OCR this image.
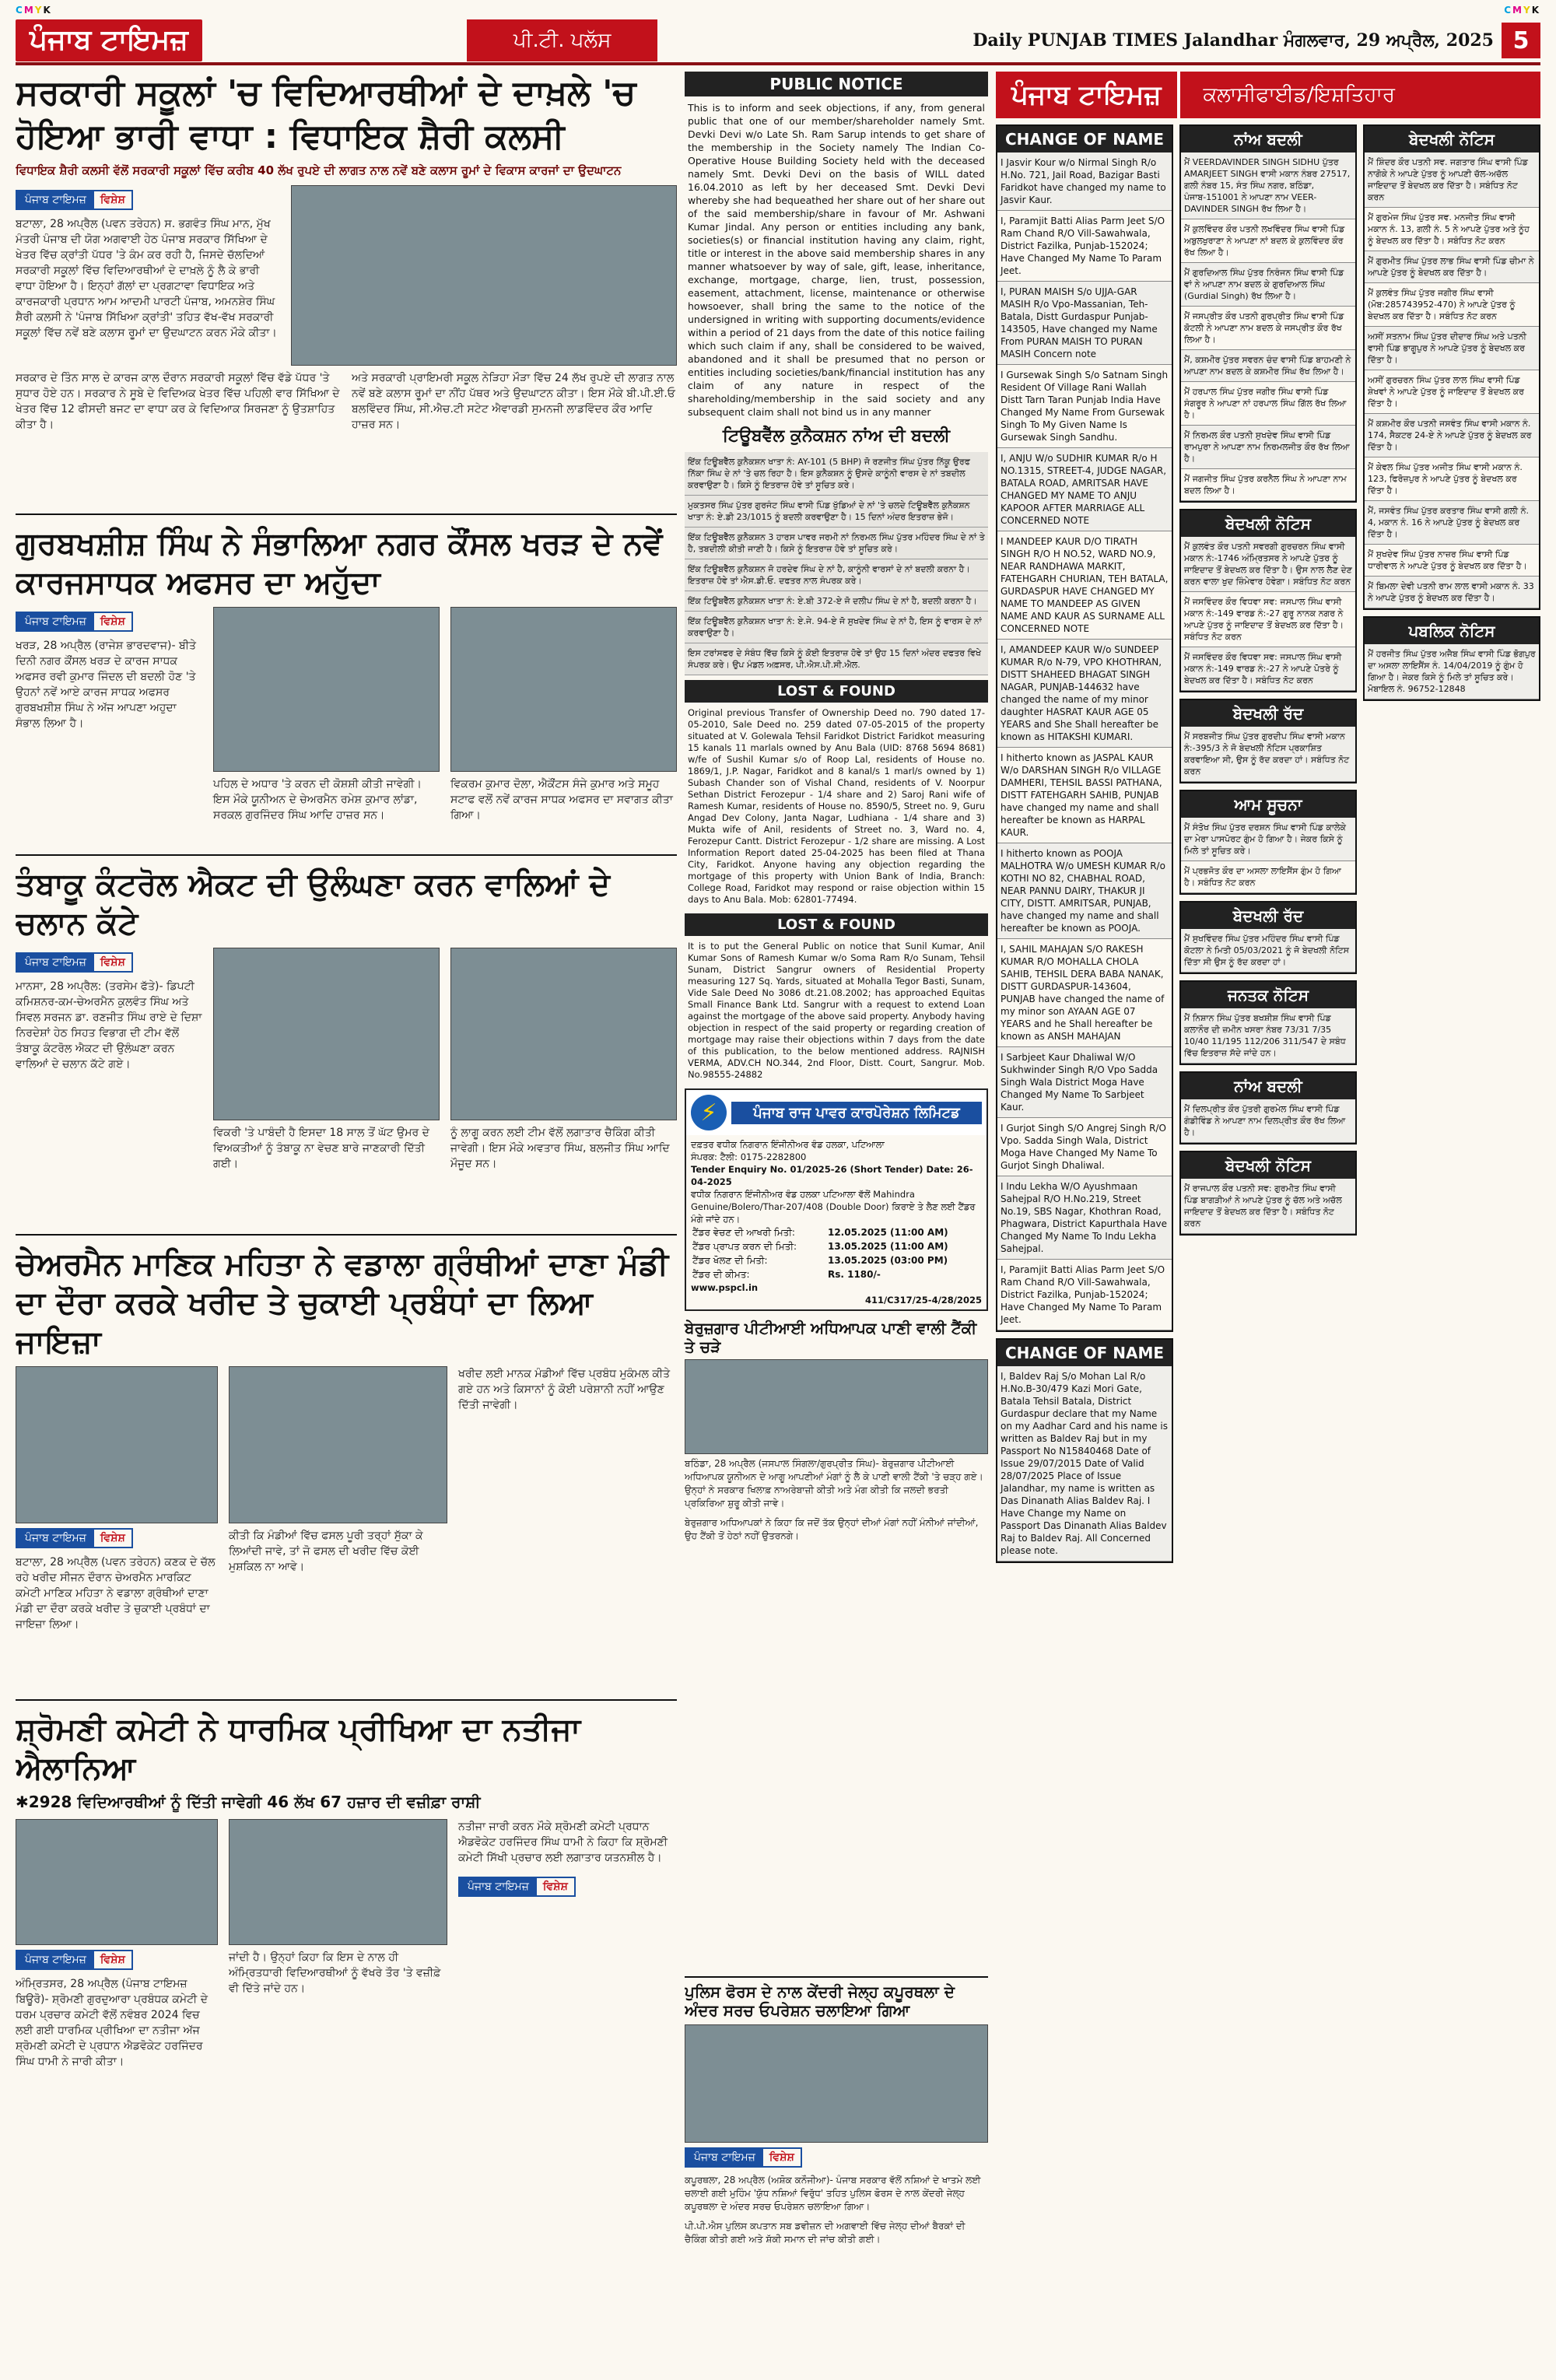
CMYK	CMYK
ਪੰਜਾਬ ਟਾਇਮਜ਼	ਪੀ.ਟੀ. ਪਲੱਸ	Daily PUNJAB TIMES Jalandhar ਮੰਗਲਵਾਰ, 29 ਅਪ੍ਰੈਲ, 2025 5
ਸਰਕਾਰੀ ਸਕੂਲਾਂ 'ਚ ਵਿਦਿਆਰਥੀਆਂ ਦੇ ਦਾਖ਼ਲੇ 'ਚ ਹੋਇਆ ਭਾਰੀ ਵਾਧਾ : ਵਿਧਾਇਕ ਸ਼ੈਰੀ ਕਲਸੀ
ਵਿਧਾਇਕ ਸ਼ੈਰੀ ਕਲਸੀ ਵੱਲੋਂ ਸਰਕਾਰੀ ਸਕੂਲਾਂ ਵਿੱਚ ਕਰੀਬ 40 ਲੱਖ ਰੁਪਏ ਦੀ ਲਾਗਤ ਨਾਲ ਨਵੇਂ ਬਣੇ ਕਲਾਸ ਰੂਮਾਂ ਦੇ ਵਿਕਾਸ ਕਾਰਜਾਂ ਦਾ ਉਦਘਾਟਨ
ਪੰਜਾਬ ਟਾਇਮਜ਼	ਵਿਸ਼ੇਸ਼

ਬਟਾਲਾ, 28 ਅਪ੍ਰੈਲ (ਪਵਨ ਤਰੇਹਨ) ਸ. ਭਗਵੰਤ ਸਿੰਘ ਮਾਨ, ਮੁੱਖ ਮੰਤਰੀ ਪੰਜਾਬ ਦੀ ਯੋਗ ਅਗਵਾਈ ਹੇਠ ਪੰਜਾਬ ਸਰਕਾਰ ਸਿੱਖਿਆ ਦੇ ਖੇਤਰ ਵਿੱਚ ਕ੍ਰਾਂਤੀ ਪੱਧਰ 'ਤੇ ਕੰਮ ਕਰ ਰਹੀ ਹੈ, ਜਿਸਦੇ ਚੱਲਦਿਆਂ ਸਰਕਾਰੀ ਸਕੂਲਾਂ ਵਿੱਚ ਵਿਦਿਆਰਥੀਆਂ ਦੇ ਦਾਖ਼ਲੇ ਨੂੰ ਲੈ ਕੇ ਭਾਰੀ ਵਾਧਾ ਹੋਇਆ ਹੈ। ਇਨ੍ਹਾਂ ਗੱਲਾਂ ਦਾ ਪ੍ਰਗਟਾਵਾ ਵਿਧਾਇਕ ਅਤੇ ਕਾਰਜਕਾਰੀ ਪ੍ਰਧਾਨ ਆਮ ਆਦਮੀ ਪਾਰਟੀ ਪੰਜਾਬ, ਅਮਨਸ਼ੇਰ ਸਿੰਘ ਸ਼ੈਰੀ ਕਲਸੀ ਨੇ 'ਪੰਜਾਬ ਸਿੱਖਿਆ ਕ੍ਰਾਂਤੀ' ਤਹਿਤ ਵੱਖ-ਵੱਖ ਸਰਕਾਰੀ ਸਕੂਲਾਂ ਵਿੱਚ ਨਵੇਂ ਬਣੇ ਕਲਾਸ ਰੂਮਾਂ ਦਾ ਉਦਘਾਟਨ ਕਰਨ ਮੌਕੇ ਕੀਤਾ।

ਸਰਕਾਰ ਦੇ ਤਿੰਨ ਸਾਲ ਦੇ ਕਾਰਜ ਕਾਲ ਦੌਰਾਨ ਸਰਕਾਰੀ ਸਕੂਲਾਂ ਵਿੱਚ ਵੱਡੇ ਪੱਧਰ 'ਤੇ ਸੁਧਾਰ ਹੋਏ ਹਨ। ਸਰਕਾਰ ਨੇ ਸੂਬੇ ਦੇ ਵਿਦਿਅਕ ਖੇਤਰ ਵਿੱਚ ਪਹਿਲੀ ਵਾਰ ਸਿੱਖਿਆ ਦੇ ਖੇਤਰ ਵਿੱਚ 12 ਫੀਸਦੀ ਬਜਟ ਦਾ ਵਾਧਾ ਕਰ ਕੇ ਵਿਦਿਆਕ ਸਿਰਜਣਾ ਨੂੰ ਉਤਸ਼ਾਹਿਤ ਕੀਤਾ ਹੈ।

ਅਤੇ ਸਰਕਾਰੀ ਪ੍ਰਾਇਮਰੀ ਸਕੂਲ ਨੇੜਿਹਾ ਮੌੜਾ ਵਿੱਚ 24 ਲੱਖ ਰੁਪਏ ਦੀ ਲਾਗਤ ਨਾਲ ਨਵੇਂ ਬਣੇ ਕਲਾਸ ਰੂਮਾਂ ਦਾ ਨੀਂਹ ਪੱਥਰ ਅਤੇ ਉਦਘਾਟਨ ਕੀਤਾ। ਇਸ ਮੌਕੇ ਬੀ.ਪੀ.ਈ.ਓ ਬਲਵਿੰਦਰ ਸਿੰਘ, ਸੀ.ਐਚ.ਟੀ ਸਟੇਟ ਐਵਾਰਡੀ ਸੁਮਨਜੀ ਲਾਡਵਿੰਦਰ ਕੌਰ ਆਦਿ ਹਾਜ਼ਰ ਸਨ।

ਗੁਰਬਖਸ਼ੀਸ਼ ਸਿੰਘ ਨੇ ਸੰਭਾਲਿਆ ਨਗਰ ਕੌਂਸਲ ਖਰੜ ਦੇ ਨਵੇਂ ਕਾਰਜਸਾਧਕ ਅਫਸਰ ਦਾ ਅਹੁੱਦਾ
ਪੰਜਾਬ ਟਾਇਮਜ਼	ਵਿਸ਼ੇਸ਼

ਖਰੜ, 28 ਅਪ੍ਰੈਲ (ਰਾਜੇਸ਼ ਭਾਰਦਵਾਜ)- ਬੀਤੇ ਦਿਨੀ ਨਗਰ ਕੌਂਸਲ ਖਰੜ ਦੇ ਕਾਰਜ ਸਾਧਕ ਅਫਸਰ ਰਵੀ ਕੁਮਾਰ ਜਿੰਦਲ ਦੀ ਬਦਲੀ ਹੋਣ 'ਤੇ ਉਹਨਾਂ ਨਵੇਂ ਆਏ ਕਾਰਜ ਸਾਧਕ ਅਫਸਰ ਗੁਰਬਖਸ਼ੀਸ਼ ਸਿੰਘ ਨੇ ਅੱਜ ਆਪਣਾ ਅਹੁਦਾ ਸੰਭਾਲ ਲਿਆ ਹੈ।

ਪਹਿਲ ਦੇ ਅਧਾਰ 'ਤੇ ਕਰਨ ਦੀ ਕੋਸ਼ਸ਼ੀ ਕੀਤੀ ਜਾਵੇਗੀ। ਇਸ ਮੌਕੇ ਯੂਨੀਅਨ ਦੇ ਚੇਅਰਮੈਨ ਰਮੇਸ਼ ਕੁਮਾਰ ਲਾਂਡਾ, ਸਰਕਲ ਗੁਰਜਿੰਦਰ ਸਿੰਘ ਆਦਿ ਹਾਜ਼ਰ ਸਨ।

ਵਿਕਰਮ ਕੁਮਾਰ ਦੋਲਾ, ਐਕੌਂਟਸ ਸੰਜੇ ਕੁਮਾਰ ਅਤੇ ਸਮੂਹ ਸਟਾਫ ਵਲੋਂ ਨਵੇਂ ਕਾਰਜ ਸਾਧਕ ਅਫਸਰ ਦਾ ਸਵਾਗਤ ਕੀਤਾ ਗਿਆ।

ਤੰਬਾਕੂ ਕੰਟਰੋਲ ਐਕਟ ਦੀ ਉਲੰਘਣਾ ਕਰਨ ਵਾਲਿਆਂ ਦੇ ਚਲਾਨ ਕੱਟੇ
ਪੰਜਾਬ ਟਾਇਮਜ਼	ਵਿਸ਼ੇਸ਼

ਮਾਨਸਾ, 28 ਅਪ੍ਰੈਲ: (ਤਰਸੇਮ ਫੱਤੇ)- ਡਿਪਟੀ ਕਮਿਸ਼ਨਰ-ਕਮ-ਚੇਅਰਮੈਨ ਕੁਲਵੰਤ ਸਿੰਘ ਅਤੇ ਸਿਵਲ ਸਰਜਨ ਡਾ. ਰਣਜੀਤ ਸਿੰਘ ਰਾਏ ਦੇ ਦਿਸ਼ਾ ਨਿਰਦੇਸ਼ਾਂ ਹੇਠ ਸਿਹਤ ਵਿਭਾਗ ਦੀ ਟੀਮ ਵੱਲੋਂ ਤੰਬਾਕੂ ਕੰਟਰੋਲ ਐਕਟ ਦੀ ਉਲੰਘਣਾ ਕਰਨ ਵਾਲਿਆਂ ਦੇ ਚਲਾਨ ਕੱਟੇ ਗਏ।

ਵਿਕਰੀ 'ਤੇ ਪਾਬੰਦੀ ਹੈ ਇਸਦਾ 18 ਸਾਲ ਤੋਂ ਘੱਟ ਉਮਰ ਦੇ ਵਿਅਕਤੀਆਂ ਨੂੰ ਤੰਬਾਕੂ ਨਾ ਵੇਚਣ ਬਾਰੇ ਜਾਣਕਾਰੀ ਦਿੱਤੀ ਗਈ।

ਨੂੰ ਲਾਗੂ ਕਰਨ ਲਈ ਟੀਮ ਵੱਲੋਂ ਲਗਾਤਾਰ ਚੈਕਿੰਗ ਕੀਤੀ ਜਾਵੇਗੀ। ਇਸ ਮੌਕੇ ਅਵਤਾਰ ਸਿੰਘ, ਬਲਜੀਤ ਸਿੰਘ ਆਦਿ ਮੌਜੂਦ ਸਨ।

ਚੇਅਰਮੈਨ ਮਾਣਿਕ ਮਹਿਤਾ ਨੇ ਵਡਾਲਾ ਗ੍ਰੰਥੀਆਂ ਦਾਣਾ ਮੰਡੀ ਦਾ ਦੌਰਾ ਕਰਕੇ ਖਰੀਦ ਤੇ ਚੁਕਾਈ ਪ੍ਰਬੰਧਾਂ ਦਾ ਲਿਆ ਜਾਇਜ਼ਾ
ਪੰਜਾਬ ਟਾਇਮਜ਼	ਵਿਸ਼ੇਸ਼

ਬਟਾਲਾ, 28 ਅਪ੍ਰੈਲ (ਪਵਨ ਤਰੇਹਨ) ਕਣਕ ਦੇ ਚੱਲ ਰਹੇ ਖਰੀਦ ਸੀਜਨ ਦੌਰਾਨ ਚੇਅਰਮੈਨ ਮਾਰਕਿਟ ਕਮੇਟੀ ਮਾਣਿਕ ਮਹਿਤਾ ਨੇ ਵਡਾਲਾ ਗ੍ਰੰਥੀਆਂ ਦਾਣਾ ਮੰਡੀ ਦਾ ਦੌਰਾ ਕਰਕੇ ਖਰੀਦ ਤੇ ਚੁਕਾਈ ਪ੍ਰਬੰਧਾਂ ਦਾ ਜਾਇਜ਼ਾ ਲਿਆ।

ਕੀਤੀ ਕਿ ਮੰਡੀਆਂ ਵਿੱਚ ਫਸਲ ਪੂਰੀ ਤਰ੍ਹਾਂ ਸੁੱਕਾ ਕੇ ਲਿਆਂਦੀ ਜਾਵੇ, ਤਾਂ ਜੋ ਫਸਲ ਦੀ ਖਰੀਦ ਵਿੱਚ ਕੋਈ ਮੁਸ਼ਕਿਲ ਨਾ ਆਵੇ।

ਖਰੀਦ ਲਈ ਮਾਨਕ ਮੰਡੀਆਂ ਵਿੱਚ ਪ੍ਰਬੰਧ ਮੁਕੰਮਲ ਕੀਤੇ ਗਏ ਹਨ ਅਤੇ ਕਿਸਾਨਾਂ ਨੂੰ ਕੋਈ ਪਰੇਸ਼ਾਨੀ ਨਹੀਂ ਆਉਣ ਦਿੱਤੀ ਜਾਵੇਗੀ।

ਸ਼੍ਰੋਮਣੀ ਕਮੇਟੀ ਨੇ ਧਾਰਮਿਕ ਪ੍ਰੀਖਿਆ ਦਾ ਨਤੀਜਾ ਐਲਾਨਿਆ
✱2928 ਵਿਦਿਆਰਥੀਆਂ ਨੂੰ ਦਿੱਤੀ ਜਾਵੇਗੀ 46 ਲੱਖ 67 ਹਜ਼ਾਰ ਦੀ ਵਜ਼ੀਫ਼ਾ ਰਾਸ਼ੀ
ਪੰਜਾਬ ਟਾਇਮਜ਼	ਵਿਸ਼ੇਸ਼

ਅੰਮ੍ਰਿਤਸਰ, 28 ਅਪ੍ਰੈਲ (ਪੰਜਾਬ ਟਾਇਮਜ਼ ਬਿਊਰੋ)- ਸ਼੍ਰੋਮਣੀ ਗੁਰਦੁਆਰਾ ਪ੍ਰਬੰਧਕ ਕਮੇਟੀ ਦੇ ਧਰਮ ਪ੍ਰਚਾਰ ਕਮੇਟੀ ਵੱਲੋਂ ਨਵੰਬਰ 2024 ਵਿਚ ਲਈ ਗਈ ਧਾਰਮਿਕ ਪ੍ਰੀਖਿਆ ਦਾ ਨਤੀਜਾ ਅੱਜ ਸ਼੍ਰੋਮਣੀ ਕਮੇਟੀ ਦੇ ਪ੍ਰਧਾਨ ਐਡਵੋਕੇਟ ਹਰਜਿੰਦਰ ਸਿੰਘ ਧਾਮੀ ਨੇ ਜਾਰੀ ਕੀਤਾ।

ਜਾਂਦੀ ਹੈ। ਉਨ੍ਹਾਂ ਕਿਹਾ ਕਿ ਇਸ ਦੇ ਨਾਲ ਹੀ ਅੰਮ੍ਰਿਤਧਾਰੀ ਵਿਦਿਆਰਥੀਆਂ ਨੂੰ ਵੱਖਰੇ ਤੌਰ 'ਤੇ ਵਜ਼ੀਫ਼ੇ ਵੀ ਦਿੱਤੇ ਜਾਂਦੇ ਹਨ।

ਨਤੀਜਾ ਜਾਰੀ ਕਰਨ ਮੌਕੇ ਸ਼੍ਰੋਮਣੀ ਕਮੇਟੀ ਪ੍ਰਧਾਨ ਐਡਵੋਕੇਟ ਹਰਜਿੰਦਰ ਸਿੰਘ ਧਾਮੀ ਨੇ ਕਿਹਾ ਕਿ ਸ਼੍ਰੋਮਣੀ ਕਮੇਟੀ ਸਿੱਖੀ ਪ੍ਰਚਾਰ ਲਈ ਲਗਾਤਾਰ ਯਤਨਸ਼ੀਲ ਹੈ।

ਪੰਜਾਬ ਟਾਇਮਜ਼	ਵਿਸ਼ੇਸ਼
PUBLIC NOTICE
This is to inform and seek objections, if any, from general public that one of our member/shareholder namely Smt. Devki Devi w/o Late Sh. Ram Sarup intends to get share of the membership in the Society namely The Indian Co-Operative House Building Society held with the deceased namely Smt. Devki Devi on the basis of WILL dated 16.04.2010 as left by her deceased Smt. Devki Devi whereby she had bequeathed her share out of her share out of the said membership/share in favour of Mr. Ashwani Kumar Jindal. Any person or entities including any bank, societies(s) or financial institution having any claim, right, title or interest in the above said membership shares in any manner whatsoever by way of sale, gift, lease, inheritance, exchange, mortgage, charge, lien, trust, possession, easement, attachment, license, maintenance or otherwise howsoever, shall bring the same to the notice of the undersigned in writing with supporting documents/evidence within a period of 21 days from the date of this notice failing which such claim if any, shall be considered to be waived, abandoned and it shall be presumed that no person or entities including societies/bank/financial institution has any claim of any nature in respect of the shareholding/membership in the said society and any subsequent claim shall not bind us in any manner
ਟਿਊਬਵੈੱਲ ਕੁਨੈਕਸ਼ਨ ਨਾਂਅ ਦੀ ਬਦਲੀ
ਇੱਕ ਟਿਊਬਵੈੱਲ ਕੁਨੈਕਸ਼ਨ ਖਾਤਾ ਨੰ: AY-101 (5 BHP) ਜੋ ਰਣਜੀਤ ਸਿੰਘ ਪੁੱਤਰ ਨਿੱਕੂ ਉਰਫ ਨਿੱਕਾ ਸਿੰਘ ਦੇ ਨਾਂ 'ਤੇ ਚਲ ਰਿਹਾ ਹੈ। ਇਸ ਕੁਨੈਕਸ਼ਨ ਨੂੰ ਉਸਦੇ ਕਾਨੂੰਨੀ ਵਾਰਸ ਦੇ ਨਾਂ ਤਬਦੀਲ ਕਰਵਾਉਣਾ ਹੈ। ਕਿਸੇ ਨੂੰ ਇਤਰਾਜ਼ ਹੋਵੇ ਤਾਂ ਸੂਚਿਤ ਕਰੇ।
ਮੁਕਤਸਰ ਸਿੰਘ ਪੁੱਤਰ ਗੁਰਜੰਟ ਸਿੰਘ ਵਾਸੀ ਪਿੰਡ ਖੁੱਡਿਆਂ ਦੇ ਨਾਂ 'ਤੇ ਚਲਦੇ ਟਿਊਬਵੈੱਲ ਕੁਨੈਕਸ਼ਨ ਖਾਤਾ ਨੰ: ਏ.ਡੀ 23/1015 ਨੂੰ ਬਦਲੀ ਕਰਵਾਉਣਾ ਹੈ। 15 ਦਿਨਾਂ ਅੰਦਰ ਇਤਰਾਜ਼ ਭੇਜੋ।
ਇੱਕ ਟਿਊਬਵੈੱਲ ਕੁਨੈਕਸ਼ਨ 3 ਹਾਰਸ ਪਾਵਰ ਜਰਮੀ ਨਾਂ ਨਿਰਮਲ ਸਿੰਘ ਪੁੱਤਰ ਮਹਿੰਦਰ ਸਿੰਘ ਦੇ ਨਾਂ ਤੇ ਹੈ, ਤਬਦੀਲੀ ਕੀਤੀ ਜਾਣੀ ਹੈ। ਕਿਸੇ ਨੂੰ ਇਤਰਾਜ਼ ਹੋਵੇ ਤਾਂ ਸੂਚਿਤ ਕਰੇ।
ਇੱਕ ਟਿਊਬਵੈੱਲ ਕੁਨੈਕਸ਼ਨ ਜੋ ਹਰਦੇਵ ਸਿੰਘ ਦੇ ਨਾਂ ਹੈ, ਕਾਨੂੰਨੀ ਵਾਰਸਾਂ ਦੇ ਨਾਂ ਬਦਲੀ ਕਰਨਾ ਹੈ। ਇਤਰਾਜ਼ ਹੋਵੇ ਤਾਂ ਐਸ.ਡੀ.ਓ. ਦਫਤਰ ਨਾਲ ਸੰਪਰਕ ਕਰੇ।
ਇੱਕ ਟਿਊਬਵੈੱਲ ਕੁਨੈਕਸ਼ਨ ਖਾਤਾ ਨੰ: ਏ.ਬੀ 372-ਏ ਜੋ ਦਲੀਪ ਸਿੰਘ ਦੇ ਨਾਂ ਹੈ, ਬਦਲੀ ਕਰਨਾ ਹੈ।
ਇੱਕ ਟਿਊਬਵੈੱਲ ਕੁਨੈਕਸ਼ਨ ਖਾਤਾ ਨੰ: ਏ.ਜੇ. 94-ਏ ਜੋ ਸੁਖਦੇਵ ਸਿੰਘ ਦੇ ਨਾਂ ਹੈ, ਇਸ ਨੂੰ ਵਾਰਸ ਦੇ ਨਾਂ ਕਰਵਾਉਣਾ ਹੈ।
ਇਸ ਟਰਾਂਸਫਰ ਦੇ ਸੰਬੰਧ ਵਿੱਚ ਕਿਸੇ ਨੂੰ ਕੋਈ ਇਤਰਾਜ਼ ਹੋਵੇ ਤਾਂ ਉਹ 15 ਦਿਨਾਂ ਅੰਦਰ ਦਫਤਰ ਵਿਖੇ ਸੰਪਰਕ ਕਰੇ। ਉਪ ਮੰਡਲ ਅਫ਼ਸਰ, ਪੀ.ਐਸ.ਪੀ.ਸੀ.ਐਲ.
LOST & FOUND
Original previous Transfer of Ownership Deed no. 790 dated 17-05-2010, Sale Deed no. 259 dated 07-05-2015 of the property situated at V. Golewala Tehsil Faridkot District Faridkot measuring 15 kanals 11 marlals owned by Anu Bala (UID: 8768 5694 8681) w/fe of Sushil Kumar s/o of Roop Lal, residents of House no. 1869/1, J.P. Nagar, Faridkot and 8 kanal/s 1 marl/s owned by 1) Subash Chander son of Vishal Chand, residents of V. Noorpur Sethan District Ferozepur - 1/4 share and 2) Saroj Rani wife of Ramesh Kumar, residents of House no. 8590/5, Street no. 9, Guru Angad Dev Colony, Janta Nagar, Ludhiana - 1/4 share and 3) Mukta wife of Anil, residents of Street no. 3, Ward no. 4, Ferozepur Cantt. District Ferozepur - 1/2 share are missing. A Lost Information Report dated 25-04-2025 has been filed at Thana City, Faridkot. Anyone having any objection regarding the mortgage of this property with Union Bank of India, Branch: College Road, Faridkot may respond or raise objection within 15 days to Anu Bala. Mob: 62801-77494.
LOST & FOUND
It is to put the General Public on notice that Sunil Kumar, Anil Kumar Sons of Ramesh Kumar w/o Soma Ram R/o Sunam, Tehsil Sunam, District Sangrur owners of Residential Property measuring 127 Sq. Yards, situated at Mohalla Tegor Basti, Sunam, Vide Sale Deed No 3086 dt.21.08.2002; has approached Equitas Small Finance Bank Ltd. Sangrur with a request to extend Loan against the mortgage of the above said property. Anybody having objection in respect of the said property or regarding creation of mortgage may raise their objections within 7 days from the date of this publication, to the below mentioned address. RAJNISH VERMA, ADV.CH NO.344, 2nd Floor, Distt. Court, Sangrur. Mob. No.98555-24882
⚡	ਪੰਜਾਬ ਰਾਜ ਪਾਵਰ ਕਾਰਪੋਰੇਸ਼ਨ ਲਿਮਿਟਡ
ਦਫ਼ਤਰ ਵਧੀਕ ਨਿਗਰਾਨ ਇੰਜੀਨੀਅਰ ਵੰਡ ਹਲਕਾ, ਪਟਿਆਲਾ
ਸੰਪਰਕ: ਟੈਲੀ: 0175-2282800
Tender Enquiry No. 01/2025-26 (Short Tender) Date: 26-04-2025
ਵਧੀਕ ਨਿਗਰਾਨ ਇੰਜੀਨੀਅਰ ਵੰਡ ਹਲਕਾ ਪਟਿਆਲਾ ਵੱਲੋਂ Mahindra Genuine/Bolero/Thar-207/408 (Double Door) ਕਿਰਾਏ ਤੇ ਲੈਣ ਲਈ ਟੈਂਡਰ ਮੰਗੇ ਜਾਂਦੇ ਹਨ।
ਟੈਂਡਰ ਵੇਚਣ ਦੀ ਆਖਰੀ ਮਿਤੀ:	12.05.2025 (11:00 AM)
ਟੈਂਡਰ ਪ੍ਰਾਪਤ ਕਰਨ ਦੀ ਮਿਤੀ:	13.05.2025 (11:00 AM)
ਟੈਂਡਰ ਖੋਲਣ ਦੀ ਮਿਤੀ:	13.05.2025 (03:00 PM)
ਟੈਂਡਰ ਦੀ ਕੀਮਤ:	Rs. 1180/-
www.pspcl.in
411/C317/25-4/28/2025
ਬੇਰੁਜ਼ਗਾਰ ਪੀਟੀਆਈ ਅਧਿਆਪਕ ਪਾਣੀ ਵਾਲੀ ਟੈਂਕੀ ਤੇ ਚੜੇ

ਬਠਿੰਡਾ, 28 ਅਪ੍ਰੈਲ (ਜਸਪਾਲ ਸਿੰਗਲਾ/ਗੁਰਪ੍ਰੀਤ ਸਿੰਘ)- ਬੇਰੁਜ਼ਗਾਰ ਪੀਟੀਆਈ ਅਧਿਆਪਕ ਯੂਨੀਅਨ ਦੇ ਆਗੂ ਆਪਣੀਆਂ ਮੰਗਾਂ ਨੂੰ ਲੈ ਕੇ ਪਾਣੀ ਵਾਲੀ ਟੈਂਕੀ 'ਤੇ ਚੜ੍ਹ ਗਏ। ਉਨ੍ਹਾਂ ਨੇ ਸਰਕਾਰ ਖਿਲਾਫ਼ ਨਾਅਰੇਬਾਜ਼ੀ ਕੀਤੀ ਅਤੇ ਮੰਗ ਕੀਤੀ ਕਿ ਜਲਦੀ ਭਰਤੀ ਪ੍ਰਕਿਰਿਆ ਸ਼ੁਰੂ ਕੀਤੀ ਜਾਵੇ।

ਬੇਰੁਜ਼ਗਾਰ ਅਧਿਆਪਕਾਂ ਨੇ ਕਿਹਾ ਕਿ ਜਦੋਂ ਤੱਕ ਉਨ੍ਹਾਂ ਦੀਆਂ ਮੰਗਾਂ ਨਹੀਂ ਮੰਨੀਆਂ ਜਾਂਦੀਆਂ, ਉਹ ਟੈਂਕੀ ਤੋਂ ਹੇਠਾਂ ਨਹੀਂ ਉਤਰਨਗੇ।

ਪੁਲਿਸ ਫੋਰਸ ਦੇ ਨਾਲ ਕੇਂਦਰੀ ਜੇਲ੍ਹ ਕਪੂਰਥਲਾ ਦੇ ਅੰਦਰ ਸਰਚ ਓਪਰੇਸ਼ਨ ਚਲਾਇਆ ਗਿਆ
ਪੰਜਾਬ ਟਾਇਮਜ਼	ਵਿਸ਼ੇਸ਼

ਕਪੂਰਥਲਾ, 28 ਅਪ੍ਰੈਲ (ਅਸ਼ੋਕ ਕਨੌਜੀਆ)- ਪੰਜਾਬ ਸਰਕਾਰ ਵੱਲੋਂ ਨਸ਼ਿਆਂ ਦੇ ਖਾਤਮੇ ਲਈ ਚਲਾਈ ਗਈ ਮੁਹਿੰਮ 'ਯੁੱਧ ਨਸ਼ਿਆਂ ਵਿਰੁੱਧ' ਤਹਿਤ ਪੁਲਿਸ ਫੋਰਸ ਦੇ ਨਾਲ ਕੇਂਦਰੀ ਜੇਲ੍ਹ ਕਪੂਰਥਲਾ ਦੇ ਅੰਦਰ ਸਰਚ ਓਪਰੇਸ਼ਨ ਚਲਾਇਆ ਗਿਆ।

ਪੀ.ਪੀ.ਐਸ ਪੁਲਿਸ ਕਪਤਾਨ ਸਬ ਡਵੀਜ਼ਨ ਦੀ ਅਗਵਾਈ ਵਿੱਚ ਜੇਲ੍ਹ ਦੀਆਂ ਬੈਰਕਾਂ ਦੀ ਚੈਕਿੰਗ ਕੀਤੀ ਗਈ ਅਤੇ ਸ਼ੱਕੀ ਸਮਾਨ ਦੀ ਜਾਂਚ ਕੀਤੀ ਗਈ।

ਪੰਜਾਬ ਟਾਇਮਜ਼	ਕਲਾਸੀਫਾਈਡ/ਇਸ਼ਤਿਹਾਰ
CHANGE OF NAME
I Jasvir Kour w/o Nirmal Singh R/o H.No. 721, Jail Road, Bazigar Basti Faridkot have changed my name to Jasvir Kaur.
I, Paramjit Batti Alias Parm Jeet S/O Ram Chand R/O Vill-Sawahwala, District Fazilka, Punjab-152024; Have Changed My Name To Param Jeet.
I, PURAN MAISH S/o UJJA-GAR MASIH R/o Vpo-Massanian, Teh-Batala, Distt Gurdaspur Punjab-143505, Have changed my Name From PURAN MAISH TO PURAN MASIH Concern note
I Gursewak Singh S/o Satnam Singh Resident Of Village Rani Wallah Distt Tarn Taran Punjab India Have Changed My Name From Gursewak Singh To My Given Name Is Gursewak Singh Sandhu.
I, ANJU W/o SUDHIR KUMAR R/o H NO.1315, STREET-4, JUDGE NAGAR, BATALA ROAD, AMRITSAR HAVE CHANGED MY NAME TO ANJU KAPOOR AFTER MARRIAGE ALL CONCERNED NOTE
I MANDEEP KAUR D/O TIRATH SINGH R/O H NO.52, WARD NO.9, NEAR RANDHAWA MARKIT, FATEHGARH CHURIAN, TEH BATALA, GURDASPUR HAVE CHANGED MY NAME TO MANDEEP AS GIVEN NAME AND KAUR AS SURNAME ALL CONCERNED NOTE
I, AMANDEEP KAUR W/o SUNDEEP KUMAR R/o N-79, VPO KHOTHRAN, DISTT SHAHEED BHAGAT SINGH NAGAR, PUNJAB-144632 have changed the name of my minor daughter HASRAT KAUR AGE 05 YEARS and She Shall hereafter be known as HITAKSHI KUMARI.
I hitherto known as JASPAL KAUR W/o DARSHAN SINGH R/o VILLAGE DAMHERI, TEHSIL BASSI PATHANA, DISTT FATEHGARH SAHIB, PUNJAB have changed my name and shall hereafter be known as HARPAL KAUR.
I hitherto known as POOJA MALHOTRA W/o UMESH KUMAR R/o KOTHI NO 82, CHABHAL ROAD, NEAR PANNU DAIRY, THAKUR JI CITY, DISTT. AMRITSAR, PUNJAB, have changed my name and shall hereafter be known as POOJA.
I, SAHIL MAHAJAN S/O RAKESH KUMAR R/O MOHALLA CHOLA SAHIB, TEHSIL DERA BABA NANAK, DISTT GURDASPUR-143604, PUNJAB have changed the name of my minor son AYAAN AGE 07 YEARS and he Shall hereafter be known as ANSH MAHAJAN
I Sarbjeet Kaur Dhaliwal W/O Sukhwinder Singh R/O Vpo Sadda Singh Wala District Moga Have Changed My Name To Sarbjeet Kaur.
I Gurjot Singh S/O Angrej Singh R/O Vpo. Sadda Singh Wala, District Moga Have Changed My Name To Gurjot Singh Dhaliwal.
I Indu Lekha W/O Ayushmaan Sahejpal R/O H.No.219, Street No.19, SBS Nagar, Khothran Road, Phagwara, District Kapurthala Have Changed My Name To Indu Lekha Sahejpal.
I, Paramjit Batti Alias Parm Jeet S/O Ram Chand R/O Vill-Sawahwala, District Fazilka, Punjab-152024; Have Changed My Name To Param Jeet.
CHANGE OF NAME
I, Baldev Raj S/o Mohan Lal R/o H.No.B-30/479 Kazi Mori Gate, Batala Tehsil Batala, District Gurdaspur declare that my Name on my Aadhar Card and his name is written as Baldev Raj but in my Passport No N15840468 Date of Issue 29/07/2015 Date of Valid 28/07/2025 Place of Issue Jalandhar, my name is written as Das Dinanath Alias Baldev Raj. I Have Change my Name on Passport Das Dinanath Alias Baldev Raj to Baldev Raj. All Concerned please note.
ਨਾਂਅ ਬਦਲੀ
ਮੈਂ VEERDAVINDER SINGH SIDHU ਪੁੱਤਰ AMARJEET SINGH ਵਾਸੀ ਮਕਾਨ ਨੰਬਰ 27517, ਗਲੀ ਨੰਬਰ 15, ਸੰਤ ਸਿੰਘ ਨਗਰ, ਬਠਿੰਡਾ, ਪੰਜਾਬ-151001 ਨੇ ਆਪਣਾ ਨਾਮ VEER-DAVINDER SINGH ਰੱਖ ਲਿਆ ਹੈ।
ਮੈਂ ਕੁਲਵਿੰਦਰ ਕੌਰ ਪਤਨੀ ਲਖਵਿੰਦਰ ਸਿੰਘ ਵਾਸੀ ਪਿੰਡ ਅਬੁਲਖੁਰਾਣਾ ਨੇ ਆਪਣਾ ਨਾਂ ਬਦਲ ਕੇ ਕੁਲਵਿੰਦਰ ਕੌਰ ਰੱਖ ਲਿਆ ਹੈ।
ਮੈਂ ਗੁਰਦਿਆਲ ਸਿੰਘ ਪੁੱਤਰ ਨਿਰੰਜਨ ਸਿੰਘ ਵਾਸੀ ਪਿੰਡ ਵਾਂ ਨੇ ਆਪਣਾ ਨਾਮ ਬਦਲ ਕੇ ਗੁਰਦਿਆਲ ਸਿੰਘ (Gurdial Singh) ਰੱਖ ਲਿਆ ਹੈ।
ਮੈਂ ਜਸਪ੍ਰੀਤ ਕੌਰ ਪਤਨੀ ਗੁਰਪ੍ਰੀਤ ਸਿੰਘ ਵਾਸੀ ਪਿੰਡ ਕੋਟਲੀ ਨੇ ਆਪਣਾ ਨਾਮ ਬਦਲ ਕੇ ਜਸਪ੍ਰੀਤ ਕੌਰ ਰੱਖ ਲਿਆ ਹੈ।
ਮੈਂ, ਕਸ਼ਮੀਰ ਪੁੱਤਰ ਸਵਰਨ ਚੰਦ ਵਾਸੀ ਪਿੰਡ ਬਾਹਮਣੀ ਨੇ ਆਪਣਾ ਨਾਮ ਬਦਲ ਕੇ ਕਸ਼ਮੀਰ ਸਿੰਘ ਰੱਖ ਲਿਆ ਹੈ।
ਮੈਂ ਹਰਪਾਲ ਸਿੰਘ ਪੁੱਤਰ ਜਗੀਰ ਸਿੰਘ ਵਾਸੀ ਪਿੰਡ ਸੰਗਰੂਰ ਨੇ ਆਪਣਾ ਨਾਂ ਹਰਪਾਲ ਸਿੰਘ ਗਿੱਲ ਰੱਖ ਲਿਆ ਹੈ।
ਮੈਂ ਨਿਰਮਲ ਕੌਰ ਪਤਨੀ ਸੁਖਦੇਵ ਸਿੰਘ ਵਾਸੀ ਪਿੰਡ ਰਾਮਪੁਰਾ ਨੇ ਆਪਣਾ ਨਾਮ ਨਿਰਮਲਜੀਤ ਕੌਰ ਰੱਖ ਲਿਆ ਹੈ।
ਮੈਂ ਜਗਜੀਤ ਸਿੰਘ ਪੁੱਤਰ ਕਰਨੈਲ ਸਿੰਘ ਨੇ ਆਪਣਾ ਨਾਮ ਬਦਲ ਲਿਆ ਹੈ।
ਬੇਦਖਲੀ ਨੋਟਿਸ
ਮੈਂ ਕੁਲਵੰਤ ਕੌਰ ਪਤਨੀ ਸਵਰਗੀ ਗੁਰਚਰਨ ਸਿੰਘ ਵਾਸੀ ਮਕਾਨ ਨੰ:-1746 ਅੰਮ੍ਰਿਤਸਰ ਨੇ ਆਪਣੇ ਪੁੱਤਰ ਨੂੰ ਜਾਇਦਾਦ ਤੋਂ ਬੇਦਖਲ ਕਰ ਦਿੱਤਾ ਹੈ। ਉਸ ਨਾਲ ਲੈਣ ਦੇਣ ਕਰਨ ਵਾਲਾ ਖੁਦ ਜ਼ਿੰਮੇਵਾਰ ਹੋਵੇਗਾ। ਸਬੰਧਿਤ ਨੋਟ ਕਰਨ
ਮੈਂ ਜਸਵਿੰਦਰ ਕੌਰ ਵਿਧਵਾ ਸਵ: ਜਸਪਾਲ ਸਿੰਘ ਵਾਸੀ ਮਕਾਨ ਨੰ:-149 ਵਾਰਡ ਨੰ:-27 ਗੁਰੂ ਨਾਨਕ ਨਗਰ ਨੇ ਆਪਣੇ ਪੁੱਤਰ ਨੂੰ ਜਾਇਦਾਦ ਤੋਂ ਬੇਦਖਲ ਕਰ ਦਿੱਤਾ ਹੈ। ਸਬੰਧਿਤ ਨੋਟ ਕਰਨ
ਮੈਂ ਜਸਵਿੰਦਰ ਕੌਰ ਵਿਧਵਾ ਸਵ: ਜਸਪਾਲ ਸਿੰਘ ਵਾਸੀ ਮਕਾਨ ਨੰ:-149 ਵਾਰਡ ਨੰ:-27 ਨੇ ਆਪਣੇ ਪੋਤਰੇ ਨੂੰ ਬੇਦਖਲ ਕਰ ਦਿੱਤਾ ਹੈ। ਸਬੰਧਿਤ ਨੋਟ ਕਰਨ
ਬੇਦਖਲੀ ਰੱਦ
ਮੈਂ ਸਰਬਜੀਤ ਸਿੰਘ ਪੁੱਤਰ ਗੁਰਦੀਪ ਸਿੰਘ ਵਾਸੀ ਮਕਾਨ ਨੰ:-395/3 ਨੇ ਜੋ ਬੇਦਖਲੀ ਨੋਟਿਸ ਪ੍ਰਕਾਸ਼ਿਤ ਕਰਵਾਇਆ ਸੀ, ਉਸ ਨੂੰ ਰੱਦ ਕਰਦਾ ਹਾਂ। ਸਬੰਧਿਤ ਨੋਟ ਕਰਨ
ਆਮ ਸੂਚਨਾ
ਮੈਂ ਸੰਤੋਖ ਸਿੰਘ ਪੁੱਤਰ ਦਰਸ਼ਨ ਸਿੰਘ ਵਾਸੀ ਪਿੰਡ ਕਾਲੇਕੇ ਦਾ ਮੇਰਾ ਪਾਸਪੋਰਟ ਗੁੰਮ ਹੋ ਗਿਆ ਹੈ। ਜੇਕਰ ਕਿਸੇ ਨੂੰ ਮਿਲੇ ਤਾਂ ਸੂਚਿਤ ਕਰੇ।
ਮੈਂ ਪ੍ਰਭਜੋਤ ਕੌਰ ਦਾ ਅਸਲਾ ਲਾਇਸੈਂਸ ਗੁੰਮ ਹੋ ਗਿਆ ਹੈ। ਸਬੰਧਿਤ ਨੋਟ ਕਰਨ
ਬੇਦਖਲੀ ਰੱਦ
ਮੈਂ ਸੁਖਵਿੰਦਰ ਸਿੰਘ ਪੁੱਤਰ ਮਹਿੰਦਰ ਸਿੰਘ ਵਾਸੀ ਪਿੰਡ ਕੋਟਲਾ ਨੇ ਮਿਤੀ 05/03/2021 ਨੂੰ ਜੋ ਬੇਦਖਲੀ ਨੋਟਿਸ ਦਿੱਤਾ ਸੀ ਉਸ ਨੂੰ ਰੱਦ ਕਰਦਾ ਹਾਂ।
ਜਨਤਕ ਨੋਟਿਸ
ਮੈਂ ਨਿਸ਼ਾਨ ਸਿੰਘ ਪੁੱਤਰ ਬਖਸ਼ੀਸ਼ ਸਿੰਘ ਵਾਸੀ ਪਿੰਡ ਕਲਾਨੌਰ ਦੀ ਜ਼ਮੀਨ ਖਸਰਾ ਨੰਬਰ 73/31 7/35 10/40 11/195 112/206 311/547 ਦੇ ਸਬੰਧ ਵਿੱਚ ਇਤਰਾਜ਼ ਸੱਦੇ ਜਾਂਦੇ ਹਨ।
ਨਾਂਅ ਬਦਲੀ
ਮੈਂ ਦਿਲਪ੍ਰੀਤ ਕੌਰ ਪੁੱਤਰੀ ਗੁਰਮੇਲ ਸਿੰਘ ਵਾਸੀ ਪਿੰਡ ਗੰਡੀਵਿੰਡ ਨੇ ਆਪਣਾ ਨਾਮ ਦਿਲਪ੍ਰੀਤ ਕੌਰ ਰੱਖ ਲਿਆ ਹੈ।
ਬੇਦਖਲੀ ਨੋਟਿਸ
ਮੈਂ ਰਾਜਪਾਲ ਕੌਰ ਪਤਨੀ ਸਵ: ਗੁਰਮੀਤ ਸਿੰਘ ਵਾਸੀ ਪਿੰਡ ਬਾਗੜੀਆਂ ਨੇ ਆਪਣੇ ਪੁੱਤਰ ਨੂੰ ਚੱਲ ਅਤੇ ਅਚੱਲ ਜਾਇਦਾਦ ਤੋਂ ਬੇਦਖਲ ਕਰ ਦਿੱਤਾ ਹੈ। ਸਬੰਧਿਤ ਨੋਟ ਕਰਨ
ਬੇਦਖਲੀ ਨੋਟਿਸ
ਮੈਂ ਸ਼ਿੰਦਰ ਕੌਰ ਪਤਨੀ ਸਵ. ਜਗਤਾਰ ਸਿੰਘ ਵਾਸੀ ਪਿੰਡ ਨਾਗੋਕੇ ਨੇ ਆਪਣੇ ਪੁੱਤਰ ਨੂੰ ਆਪਣੀ ਚੱਲ-ਅਚੱਲ ਜਾਇਦਾਦ ਤੋਂ ਬੇਦਖਲ ਕਰ ਦਿੱਤਾ ਹੈ। ਸਬੰਧਿਤ ਨੋਟ ਕਰਨ
ਮੈਂ ਗੁਰਮੇਜ ਸਿੰਘ ਪੁੱਤਰ ਸਵ. ਮਨਜੀਤ ਸਿੰਘ ਵਾਸੀ ਮਕਾਨ ਨੰ. 13, ਗਲੀ ਨੰ. 5 ਨੇ ਆਪਣੇ ਪੁੱਤਰ ਅਤੇ ਨੂੰਹ ਨੂੰ ਬੇਦਖਲ ਕਰ ਦਿੱਤਾ ਹੈ। ਸਬੰਧਿਤ ਨੋਟ ਕਰਨ
ਮੈਂ ਗੁਰਮੀਤ ਸਿੰਘ ਪੁੱਤਰ ਲਾਭ ਸਿੰਘ ਵਾਸੀ ਪਿੰਡ ਚੀਮਾ ਨੇ ਆਪਣੇ ਪੁੱਤਰ ਨੂੰ ਬੇਦਖਲ ਕਰ ਦਿੱਤਾ ਹੈ।
ਮੈਂ ਕੁਲਵੰਤ ਸਿੰਘ ਪੁੱਤਰ ਜਗੀਰ ਸਿੰਘ ਵਾਸੀ (ਮੋਬ:285743952-470) ਨੇ ਆਪਣੇ ਪੁੱਤਰ ਨੂੰ ਬੇਦਖਲ ਕਰ ਦਿੱਤਾ ਹੈ। ਸਬੰਧਿਤ ਨੋਟ ਕਰਨ
ਅਸੀਂ ਸਤਨਾਮ ਸਿੰਘ ਪੁੱਤਰ ਦੀਦਾਰ ਸਿੰਘ ਅਤੇ ਪਤਨੀ ਵਾਸੀ ਪਿੰਡ ਭਾਗੂਪੁਰ ਨੇ ਆਪਣੇ ਪੁੱਤਰ ਨੂੰ ਬੇਦਖਲ ਕਰ ਦਿੱਤਾ ਹੈ।
ਅਸੀਂ ਗੁਰਚਰਨ ਸਿੰਘ ਪੁੱਤਰ ਲਾਲ ਸਿੰਘ ਵਾਸੀ ਪਿੰਡ ਸ਼ੇਖਵਾਂ ਨੇ ਆਪਣੇ ਪੁੱਤਰ ਨੂੰ ਜਾਇਦਾਦ ਤੋਂ ਬੇਦਖਲ ਕਰ ਦਿੱਤਾ ਹੈ।
ਮੈਂ ਕਸ਼ਮੀਰ ਕੌਰ ਪਤਨੀ ਜਸਵੰਤ ਸਿੰਘ ਵਾਸੀ ਮਕਾਨ ਨੰ. 174, ਸੈਕਟਰ 24-ਏ ਨੇ ਆਪਣੇ ਪੁੱਤਰ ਨੂੰ ਬੇਦਖਲ ਕਰ ਦਿੱਤਾ ਹੈ।
ਮੈਂ ਕੇਵਲ ਸਿੰਘ ਪੁੱਤਰ ਅਜੀਤ ਸਿੰਘ ਵਾਸੀ ਮਕਾਨ ਨੰ. 123, ਫਿਰੋਜ਼ਪੁਰ ਨੇ ਆਪਣੇ ਪੁੱਤਰ ਨੂੰ ਬੇਦਖਲ ਕਰ ਦਿੱਤਾ ਹੈ।
ਮੈਂ, ਜਸਵੰਤ ਸਿੰਘ ਪੁੱਤਰ ਕਰਤਾਰ ਸਿੰਘ ਵਾਸੀ ਗਲੀ ਨੰ. 4, ਮਕਾਨ ਨੰ. 16 ਨੇ ਆਪਣੇ ਪੁੱਤਰ ਨੂੰ ਬੇਦਖਲ ਕਰ ਦਿੱਤਾ ਹੈ।
ਮੈਂ ਸੁਖਦੇਵ ਸਿੰਘ ਪੁੱਤਰ ਨਾਜ਼ਰ ਸਿੰਘ ਵਾਸੀ ਪਿੰਡ ਧਾਰੀਵਾਲ ਨੇ ਆਪਣੇ ਪੁੱਤਰ ਨੂੰ ਬੇਦਖਲ ਕਰ ਦਿੱਤਾ ਹੈ।
ਮੈਂ ਬਿਮਲਾ ਦੇਵੀ ਪਤਨੀ ਰਾਮ ਲਾਲ ਵਾਸੀ ਮਕਾਨ ਨੰ. 33 ਨੇ ਆਪਣੇ ਪੁੱਤਰ ਨੂੰ ਬੇਦਖਲ ਕਰ ਦਿੱਤਾ ਹੈ।
ਪਬਲਿਕ ਨੋਟਿਸ
ਮੈਂ ਹਰਜੀਤ ਸਿੰਘ ਪੁੱਤਰ ਅਜੈਬ ਸਿੰਘ ਵਾਸੀ ਪਿੰਡ ਭੋਗਪੁਰ ਦਾ ਅਸਲਾ ਲਾਇਸੈਂਸ ਨੰ. 14/04/2019 ਨੂੰ ਗੁੰਮ ਹੋ ਗਿਆ ਹੈ। ਜੇਕਰ ਕਿਸੇ ਨੂੰ ਮਿਲੇ ਤਾਂ ਸੂਚਿਤ ਕਰੇ। ਮੋਬਾਇਲ ਨੰ. 96752-12848
